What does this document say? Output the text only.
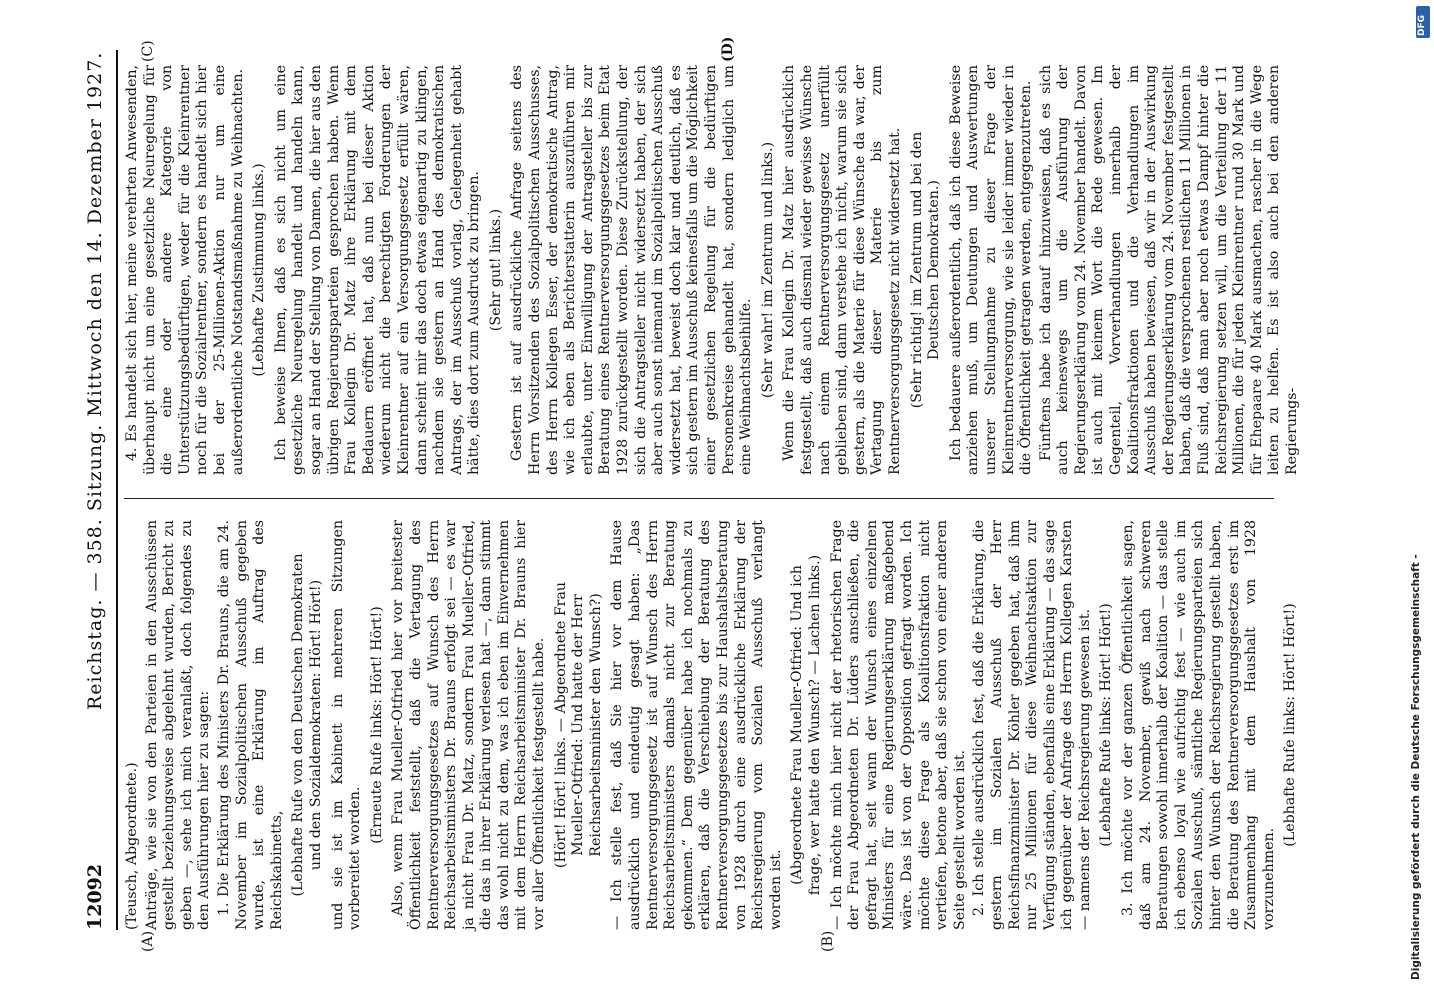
12092
Reichstag. — 358. Sitzung. Mittwoch den 14. Dezember 1927.
(A)	(B)
(C)	(D)

(Teusch, Abgeordnete.) Anträge, wie sie von den Parteien in den Ausschüssen gestellt beziehungsweise abgelehnt wurden, Bericht zu geben —, sehe ich mich veranlaßt, doch folgendes zu den Ausführungen hier zu sagen: 1. Die Erklärung des Ministers Dr. Brauns, die am 24. November im Sozialpolitischen Ausschuß gegeben wurde, ist eine Erklärung im Auftrag des Reichskabinetts, (Lebhafte Rufe von den Deutschen Demokraten und den Sozialdemokraten: Hört! Hört!) und sie ist im Kabinett in mehreren Sitzungen vorbereitet worden.

(Erneute Rufe links: Hört! Hört!) Also, wenn Frau Mueller-Otfried hier vor breitester Öffentlichkeit feststellt, daß die Vertagung des Rentnerversorgungsgesetzes auf Wunsch des Herrn Reichsarbeitsministers Dr. Brauns erfolgt sei — es war ja nicht Frau Dr. Matz, sondern Frau Mueller-Otfried, die das in ihrer Erklärung verlesen hat —, dann stimmt das wohl nicht zu dem, was ich eben im Einvernehmen mit dem Herrn Reichsarbeitsminister Dr. Brauns hier vor aller Öffentlichkeit festgestellt habe. (Hört! Hört! links. — Abgeordnete Frau Mueller-Otfried: Und hatte der Herr Reichsarbeitsminister den Wunsch?) — Ich stelle fest, daß Sie hier vor dem Hause ausdrücklich und eindeutig gesagt haben: „Das Rentnerversorgungsgesetz ist auf Wunsch des Herrn Reichsarbeitsministers damals nicht zur Beratung gekommen.“ Dem gegenüber habe ich nochmals zu erklären, daß die Verschiebung der Beratung des Rentnerversorgungsgesetzes bis zur Haushaltsberatung von 1928 durch eine ausdrückliche Erklärung der Reichsregierung vom Sozialen Ausschuß verlangt worden ist.

(Abgeordnete Frau Mueller-Otfried: Und ich frage, wer hatte den Wunsch? — Lachen links.) — Ich möchte mich hier nicht der rhetorischen Frage der Frau Abgeordneten Dr. Lüders anschließen, die gefragt hat, seit wann der Wunsch eines einzelnen Ministers für eine Regierungserklärung maßgebend wäre. Das ist von der Opposition gefragt worden. Ich möchte diese Frage als Koalitionsfraktion nicht vertiefen, betone aber, daß sie schon von einer anderen Seite gestellt worden ist. 2. Ich stelle ausdrücklich fest, daß die Erklärung, die gestern im Sozialen Ausschuß der Herr Reichsfinanzminister Dr. Köhler gegeben hat, daß ihm nur 25 Millionen für diese Weihnachtsaktion zur Verfügung ständen, ebenfalls eine Erklärung — das sage ich gegenüber der Anfrage des Herrn Kollegen Karsten — namens der Reichsregierung gewesen ist. (Lebhafte Rufe links: Hört! Hört!) 3. Ich möchte vor der ganzen Öffentlichkeit sagen, daß am 24. November, gewiß nach schweren Beratungen sowohl innerhalb der Koalition — das stelle ich ebenso loyal wie aufrichtig fest — wie auch im Sozialen Ausschuß, sämtliche Regierungsparteien sich hinter den Wunsch der Reichsregierung gestellt haben, die Beratung des Rentnerversorgungsgesetzes erst im Zusammenhang mit dem Haushalt von 1928 vorzunehmen.

(Lebhafte Rufe links: Hört! Hört!)

4. Es handelt sich hier, meine verehrten Anwesenden, überhaupt nicht um eine gesetzliche Neuregelung für die eine oder andere Kategorie von Unterstützungsbedürftigen, weder für die Kleinrentner noch für die Sozialrentner, sondern es handelt sich hier bei der 25-Millionen-Aktion nur um eine außerordentliche Notstandsmaßnahme zu Weihnachten. (Lebhafte Zustimmung links.) Ich beweise Ihnen, daß es sich nicht um eine gesetzliche Neuregelung handelt und handeln kann, sogar an Hand der Stellung von Damen, die hier aus den übrigen Regierungsparteien gesprochen haben. Wenn Frau Kollegin Dr. Matz ihre Erklärung mit dem Bedauern eröffnet hat, daß nun bei dieser Aktion wiederum nicht die berechtigten Forderungen der Kleinrentner auf ein Versorgungsgesetz erfüllt wären, dann scheint mir das doch etwas eigenartig zu klingen, nachdem sie gestern an Hand des demokratischen Antrags, der im Ausschuß vorlag, Gelegenheit gehabt hätte, dies dort zum Ausdruck zu bringen. (Sehr gut! links.) Gestern ist auf ausdrückliche Anfrage seitens des Herrn Vorsitzenden des Sozialpolitischen Ausschusses, des Herrn Kollegen Esser, der demokratische Antrag, wie ich eben als Berichterstatterin auszuführen mir erlaubte, unter Einwilligung der Antragsteller bis zur Beratung eines Rentnerversorgungsgesetzes beim Etat 1928 zurückgestellt worden. Diese Zurückstellung, der sich die Antragsteller nicht widersetzt haben, der sich aber auch sonst niemand im Sozialpolitischen Ausschuß widersetzt hat, beweist doch klar und deutlich, daß es sich gestern im Ausschuß keinesfalls um die Möglichkeit einer gesetzlichen Regelung für die bedürftigen Personenkreise gehandelt hat, sondern lediglich um eine Weihnachtsbeihilfe. (Sehr wahr! im Zentrum und links.) Wenn die Frau Kollegin Dr. Matz hier ausdrücklich festgestellt, daß auch diesmal wieder gewisse Wünsche nach einem Rentnerversorgungsgesetz unerfüllt geblieben sind, dann verstehe ich nicht, warum sie sich gestern, als die Materie für diese Wünsche da war, der Vertagung dieser Materie bis zum Rentnerversorgungsgesetz nicht widersetzt hat. (Sehr richtig! im Zentrum und bei den Deutschen Demokraten.) Ich bedauere außerordentlich, daß ich diese Beweise anziehen muß, um Deutungen und Auswertungen unserer Stellungnahme zu dieser Frage der Kleinrentnerversorgung, wie sie leider immer wieder in die Öffentlichkeit getragen werden, entgegenzutreten. Fünftens habe ich darauf hinzuweisen, daß es sich auch keineswegs um die Ausführung der Regierungserklärung vom 24. November handelt. Davon ist auch mit keinem Wort die Rede gewesen. Im Gegenteil, Vorverhandlungen innerhalb der Koalitionsfraktionen und die Verhandlungen im Ausschuß haben bewiesen, daß wir in der Auswirkung der Regierungserklärung vom 24. November festgestellt haben, daß die versprochenen restlichen 11 Millionen in Fluß sind, daß man aber noch etwas Dampf hinter die Reichsregierung setzen will, um die Verteilung der 11 Millionen, die für jeden Kleinrentner rund 30 Mark und für Ehepaare 40 Mark ausmachen, rascher in die Wege leiten zu helfen. Es ist also auch bei den anderen Regierungs-

Digitalisierung gefördert durch die Deutsche Forschungsgemeinschaft -
DFG
